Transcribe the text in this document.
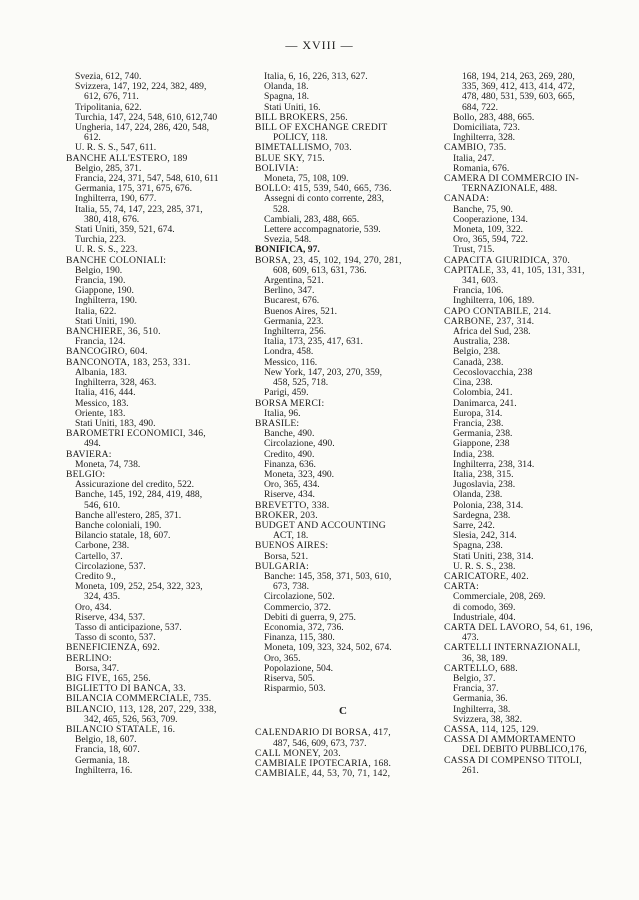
— XVIII —
Svezia, 612, 740.
Svizzera, 147, 192, 224, 382, 489,
612, 676, 711.
Tripolitania, 622.
Turchia, 147, 224, 548, 610, 612,740
Ungheria, 147, 224, 286, 420, 548,
612.
U. R. S. S., 547, 611.
BANCHE ALL'ESTERO, 189
Belgio, 285, 371.
Francia, 224, 371, 547, 548, 610, 611
Germania, 175, 371, 675, 676.
Inghilterra, 190, 677.
Italia, 55, 74, 147, 223, 285, 371,
380, 418, 676.
Stati Uniti, 359, 521, 674.
Turchia, 223.
U. R. S. S., 223.
BANCHE COLONIALI:
Belgio, 190.
Francia, 190.
Giappone, 190.
Inghilterra, 190.
Italia, 622.
Stati Uniti, 190.
BANCHIERE, 36, 510.
Francia, 124.
BANCOGIRO, 604.
BANCONOTA, 183, 253, 331.
Albania, 183.
Inghilterra, 328, 463.
Italia, 416, 444.
Messico, 183.
Oriente, 183.
Stati Uniti, 183, 490.
BAROMETRI ECONOMICI, 346,
494.
BAVIERA:
Moneta, 74, 738.
BELGIO:
Assicurazione del credito, 522.
Banche, 145, 192, 284, 419, 488,
546, 610.
Banche all'estero, 285, 371.
Banche coloniali, 190.
Bilancio statale, 18, 607.
Carbone, 238.
Cartello, 37.
Circolazione, 537.
Credito 9.,
Moneta, 109, 252, 254, 322, 323,
324, 435.
Oro, 434.
Riserve, 434, 537.
Tasso di anticipazione, 537.
Tasso di sconto, 537.
BENEFICIENZA, 692.
BERLINO:
Borsa, 347.
BIG FIVE, 165, 256.
BIGLIETTO DI BANCA, 33.
BILANCIA COMMERCIALE, 735.
BILANCIO, 113, 128, 207, 229, 338,
342, 465, 526, 563, 709.
BILANCIO STATALE, 16.
Belgio, 18, 607.
Francia, 18, 607.
Germania, 18.
Inghilterra, 16.
Italia, 6, 16, 226, 313, 627.
Olanda, 18.
Spagna, 18.
Stati Uniti, 16.
BILL BROKERS, 256.
BILL OF EXCHANGE CREDIT
POLICY, 118.
BIMETALLISMO, 703.
BLUE SKY, 715.
BOLIVIA:
Moneta, 75, 108, 109.
BOLLO: 415, 539, 540, 665, 736.
Assegni di conto corrente, 283,
528.
Cambiali, 283, 488, 665.
Lettere accompagnatorie, 539.
Svezia, 548.
BONIFICA, 97.
BORSA, 23, 45, 102, 194, 270, 281,
608, 609, 613, 631, 736.
Argentina, 521.
Berlino, 347.
Bucarest, 676.
Buenos Aires, 521.
Germania, 223.
Inghilterra, 256.
Italia, 173, 235, 417, 631.
Londra, 458.
Messico, 116.
New York, 147, 203, 270, 359,
458, 525, 718.
Parigi, 459.
BORSA MERCI:
Italia, 96.
BRASILE:
Banche, 490.
Circolazione, 490.
Credito, 490.
Finanza, 636.
Moneta, 323, 490.
Oro, 365, 434.
Riserve, 434.
BREVETTO, 338.
BROKER, 203.
BUDGET AND ACCOUNTING
ACT, 18.
BUENOS AIRES:
Borsa, 521.
BULGARIA:
Banche: 145, 358, 371, 503, 610,
673, 738.
Circolazione, 502.
Commercio, 372.
Debiti di guerra, 9, 275.
Economia, 372, 736.
Finanza, 115, 380.
Moneta, 109, 323, 324, 502, 674.
Oro, 365.
Popolazione, 504.
Riserva, 505.
Risparmio, 503.
C
CALENDARIO DI BORSA, 417,
487, 546, 609, 673, 737.
CALL MONEY, 203.
CAMBIALE IPOTECARIA, 168.
CAMBIALE, 44, 53, 70, 71, 142,
168, 194, 214, 263, 269, 280,
335, 369, 412, 413, 414, 472,
478, 480, 531, 539, 603, 665,
684, 722.
Bollo, 283, 488, 665.
Domiciliata, 723.
Inghilterra, 328.
CAMBIO, 735.
Italia, 247.
Romania, 676.
CAMERA DI COMMERCIO IN-
TERNAZIONALE, 488.
CANADÀ:
Banche, 75, 90.
Cooperazione, 134.
Moneta, 109, 322.
Oro, 365, 594, 722.
Trust, 715.
CAPACITÀ GIURIDICA, 370.
CAPITALE, 33, 41, 105, 131, 331,
341, 603.
Francia, 106.
Inghilterra, 106, 189.
CAPO CONTABILE, 214.
CARBONE, 237, 314.
Africa del Sud, 238.
Australia, 238.
Belgio, 238.
Canadà, 238.
Cecoslovacchia, 238
Cina, 238.
Colombia, 241.
Danimarca, 241.
Europa, 314.
Francia, 238.
Germania, 238.
Giappone, 238
India, 238.
Inghilterra, 238, 314.
Italia, 238, 315.
Jugoslavia, 238.
Olanda, 238.
Polonia, 238, 314.
Sardegna, 238.
Sarre, 242.
Slesia, 242, 314.
Spagna, 238.
Stati Uniti, 238, 314.
U. R. S. S., 238.
CARICATORE, 402.
CARTA:
Commerciale, 208, 269.
di comodo, 369.
Industriale, 404.
CARTA DEL LAVORO, 54, 61, 196,
473.
CARTELLI INTERNAZIONALI,
36, 38, 189.
CARTELLO, 688.
Belgio, 37.
Francia, 37.
Germania, 36.
Inghilterra, 38.
Svizzera, 38, 382.
CASSA, 114, 125, 129.
CASSA DI AMMORTAMENTO
DEL DEBITO PUBBLICO,176,
CASSA DI COMPENSO TITOLI,
261.
